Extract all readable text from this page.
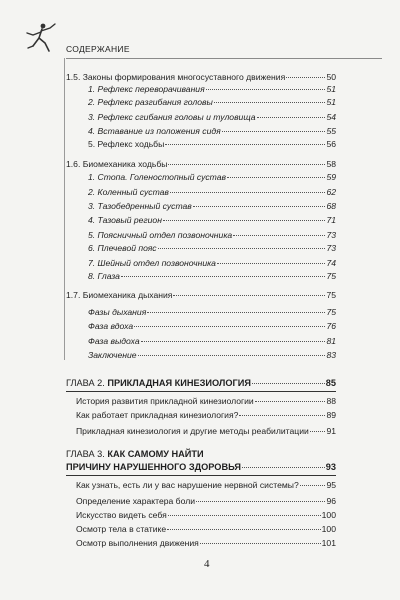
СОДЕРЖАНИЕ
1.5. Законы формирования многосуставного движения	50
1. Рефлекс переворачивания	51
2. Рефлекс разгибания головы	51
3. Рефлекс сгибания головы и туловища	54
4. Вставание из положения сидя	55
5. Рефлекс ходьбы	56
1.6. Биомеханика ходьбы	58
1. Стопа. Голеностопный сустав	59
2. Коленный сустав	62
3. Тазобедренный сустав	68
4. Тазовый регион	71
5. Поясничный отдел позвоночника	73
6. Плечевой пояс	73
7. Шейный отдел позвоночника	74
8. Глаза	75
1.7. Биомеханика дыхания	75
Фазы дыхания	75
Фаза вдоха	76
Фаза выдоха	81
Заключение	83
ГЛАВА 2. ПРИКЛАДНАЯ КИНЕЗИОЛОГИЯ	85
История развития прикладной кинезиологии	88
Как работает прикладная кинезиология?	89
Прикладная кинезиология и другие методы реабилитации 91
ГЛАВА 3. КАК САМОМУ НАЙТИ
ПРИЧИНУ НАРУШЕННОГО ЗДОРОВЬЯ	93
Как узнать, есть ли у вас нарушение нервной системы?	95
Определение характера боли	96
Искусство видеть себя	100
Осмотр тела в статике	100
Осмотр выполнения движения	101
4
